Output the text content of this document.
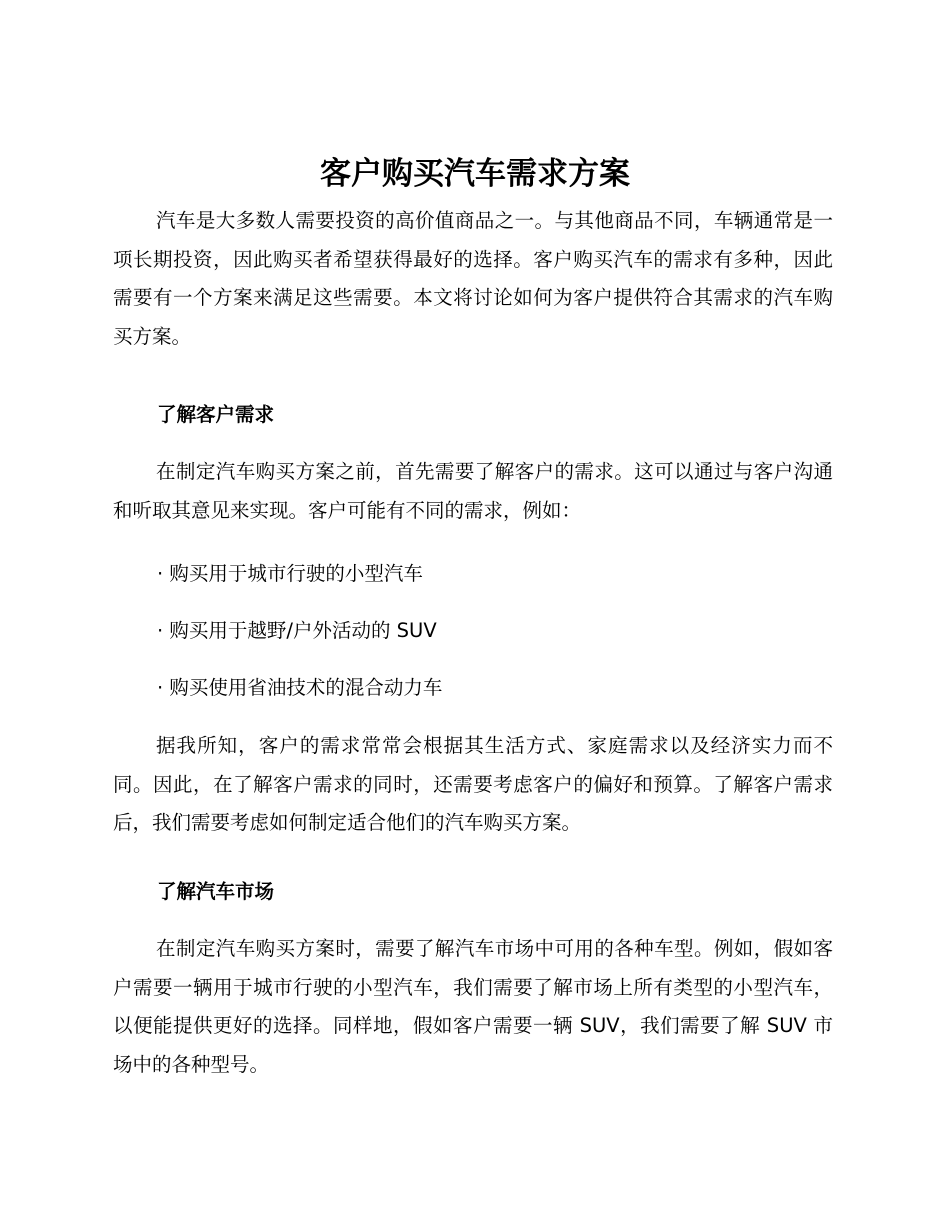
客户购买汽车需求方案

汽车是大多数人需要投资的高价值商品之一。与其他商品不同，车辆通常是一项长期投资，因此购买者希望获得最好的选择。客户购买汽车的需求有多种，因此需要有一个方案来满足这些需要。本文将讨论如何为客户提供符合其需求的汽车购买方案。

了解客户需求

在制定汽车购买方案之前，首先需要了解客户的需求。这可以通过与客户沟通和听取其意见来实现。客户可能有不同的需求，例如：

· 购买用于城市行驶的小型汽车

· 购买用于越野/户外活动的 SUV

· 购买使用省油技术的混合动力车

据我所知，客户的需求常常会根据其生活方式、家庭需求以及经济实力而不同。因此，在了解客户需求的同时，还需要考虑客户的偏好和预算。了解客户需求后，我们需要考虑如何制定适合他们的汽车购买方案。

了解汽车市场

在制定汽车购买方案时，需要了解汽车市场中可用的各种车型。例如，假如客户需要一辆用于城市行驶的小型汽车，我们需要了解市场上所有类型的小型汽车，以便能提供更好的选择。同样地，假如客户需要一辆 SUV，我们需要了解 SUV 市场中的各种型号。
